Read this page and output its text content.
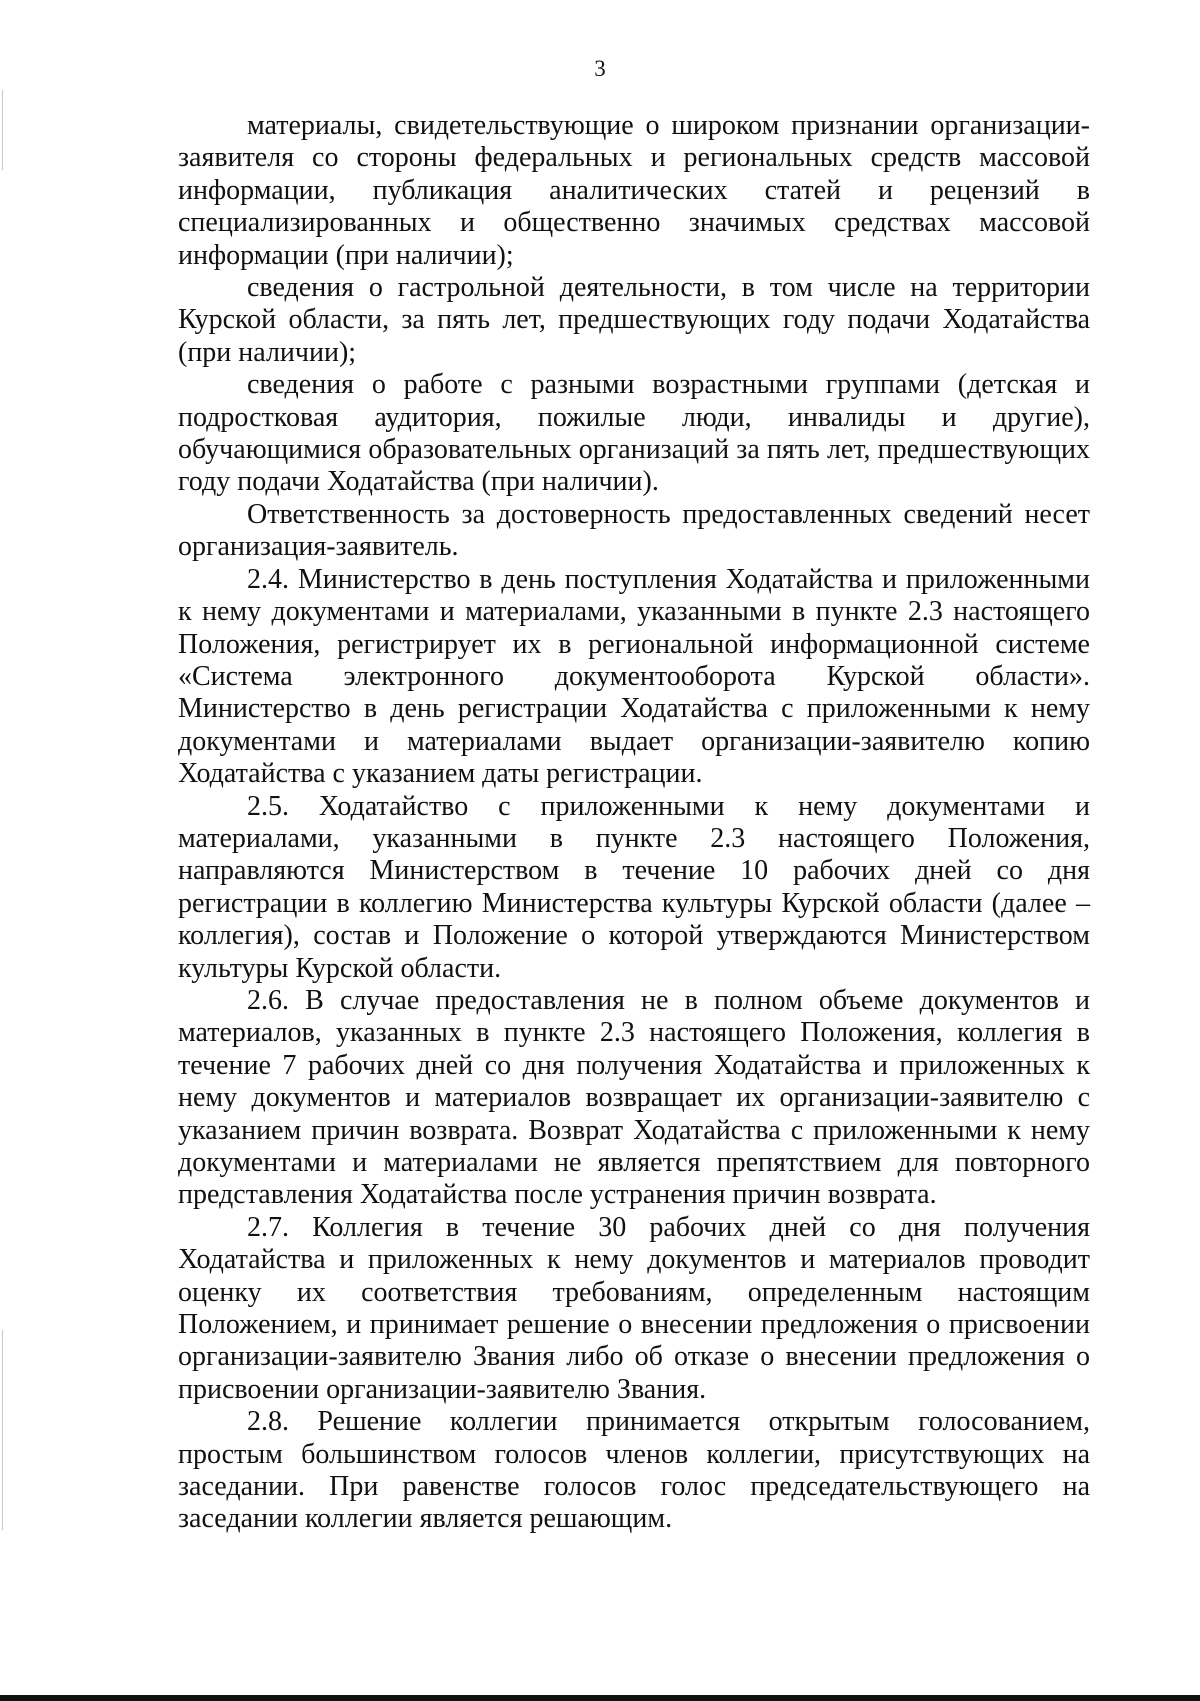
3

материалы, свидетельствующие о широком признании организации-заявителя со стороны федеральных и региональных средств массовой информации, публикация аналитических статей и рецензий в специализированных и общественно значимых средствах массовой информации (при наличии);

сведения о гастрольной деятельности, в том числе на территории Курской области, за пять лет, предшествующих году подачи Ходатайства (при наличии);

сведения о работе с разными возрастными группами (детская и подростковая аудитория, пожилые люди, инвалиды и другие), обучающимися образовательных организаций за пять лет, предшествующих году подачи Ходатайства (при наличии).

Ответственность за достоверность предоставленных сведений несет организация-заявитель.

2.4. Министерство в день поступления Ходатайства и приложенными к нему документами и материалами, указанными в пункте 2.3 настоящего Положения, регистрирует их в региональной информационной системе «Система электронного документооборота Курской области». Министерство в день регистрации Ходатайства с приложенными к нему документами и материалами выдает организации-заявителю копию Ходатайства с указанием даты регистрации.

2.5. Ходатайство с приложенными к нему документами и материалами, указанными в пункте 2.3 настоящего Положения, направляются Министерством в течение 10 рабочих дней со дня регистрации в коллегию Министерства культуры Курской области (далее – коллегия), состав и Положение о которой утверждаются Министерством культуры Курской области.

2.6. В случае предоставления не в полном объеме документов и материалов, указанных в пункте 2.3 настоящего Положения, коллегия в течение 7 рабочих дней со дня получения Ходатайства и приложенных к нему документов и материалов возвращает их организации-заявителю с указанием причин возврата. Возврат Ходатайства с приложенными к нему документами и материалами не является препятствием для повторного представления Ходатайства после устранения причин возврата.

2.7. Коллегия в течение 30 рабочих дней со дня получения Ходатайства и приложенных к нему документов и материалов проводит оценку их соответствия требованиям, определенным настоящим Положением, и принимает решение о внесении предложения о присвоении организации-заявителю Звания либо об отказе о внесении предложения о присвоении организации-заявителю Звания.

2.8. Решение коллегии принимается открытым голосованием, простым большинством голосов членов коллегии, присутствующих на заседании. При равенстве голосов голос председательствующего на заседании коллегии является решающим.
